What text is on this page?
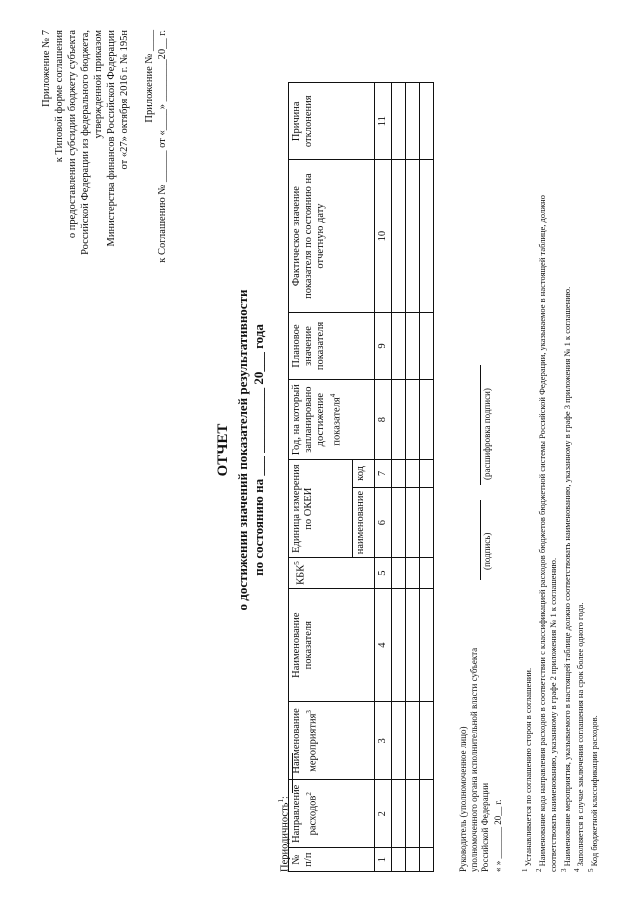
Приложение № 7 к Типовой форме соглашения о предоставлении субсидии бюджету субъекта Российской Федерации из федерального бюджета, утвержденной приказом Министерства финансов Российской Федерации от «27» октября 2016 г. № 195н Приложение № ____ к Соглашению № ______ от «____» ________20__ г.
ОТЧЕТ о достижении значений показателей результативности по состоянию на ___ __________ 20___ года
Периодичность$^1$:
№ п/п	Направление расходов$^2$	Наименование мероприятия$^3$	Наименование показателя	КБК$^5$	Единица измерения по ОКЕИ		Год, на который запланировано достижение показателя$^4$	Плановое значение показателя	Фактическое значение показателя по состоянию на отчетную дату	Причина отклонения
					наименование	код				
1	2	3	4	5	6	7	8	9	10	11

Руководитель (уполномоченное лицо) уполномоченного органа исполнительной власти субъекта Российской Федерации « » _______ 20__ г.
(подпись)
(расшифровка подписи)
$^1$ Устанавливается по соглашению сторон в соглашении.
$^2$ Наименование кода направления расходов в соответствии с классификацией расходов бюджетов бюджетной системы Российской Федерации, указываемое в настоящей таблице, должно соответствовать наименованию, указанному в графе 2 приложения № 1 к соглашению. $^3$ Наименование мероприятия, указываемого в настоящей таблице должно соответствовать наименованию, указанному в графе 3 приложения № 1 к соглашению.
$^4$ Заполняется в случае заключения соглашения на срок более одного года.
$^5$ Код бюджетной классификации расходов.
